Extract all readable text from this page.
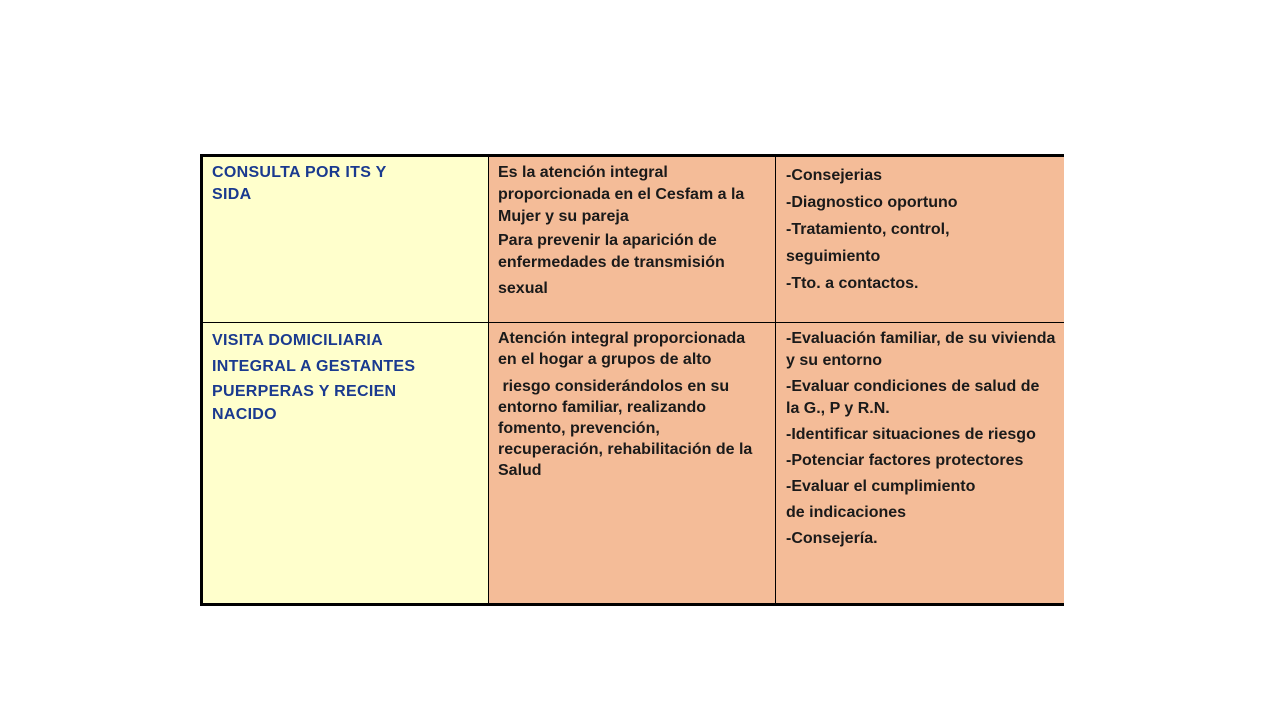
CONSULTA POR ITS Y

SIDA

Es la atención integral proporcionada en el Cesfam a la Mujer y su pareja

Para prevenir la aparición de enfermedades de transmisión

sexual

-Consejerias

-Diagnostico oportuno

-Tratamiento, control,

seguimiento

-Tto. a contactos.

VISITA DOMICILIARIA

INTEGRAL A GESTANTES

PUERPERAS Y RECIEN

NACIDO

Atención integral proporcionada en el hogar a grupos de alto

riesgo considerándolos en su entorno familiar, realizando fomento, prevención, recuperación, rehabilitación de la Salud

-Evaluación familiar, de su vivienda y su entorno

-Evaluar condiciones de salud de la G., P y R.N.

-Identificar situaciones de riesgo

-Potenciar factores protectores

-Evaluar el cumplimiento

de indicaciones

-Consejería.
